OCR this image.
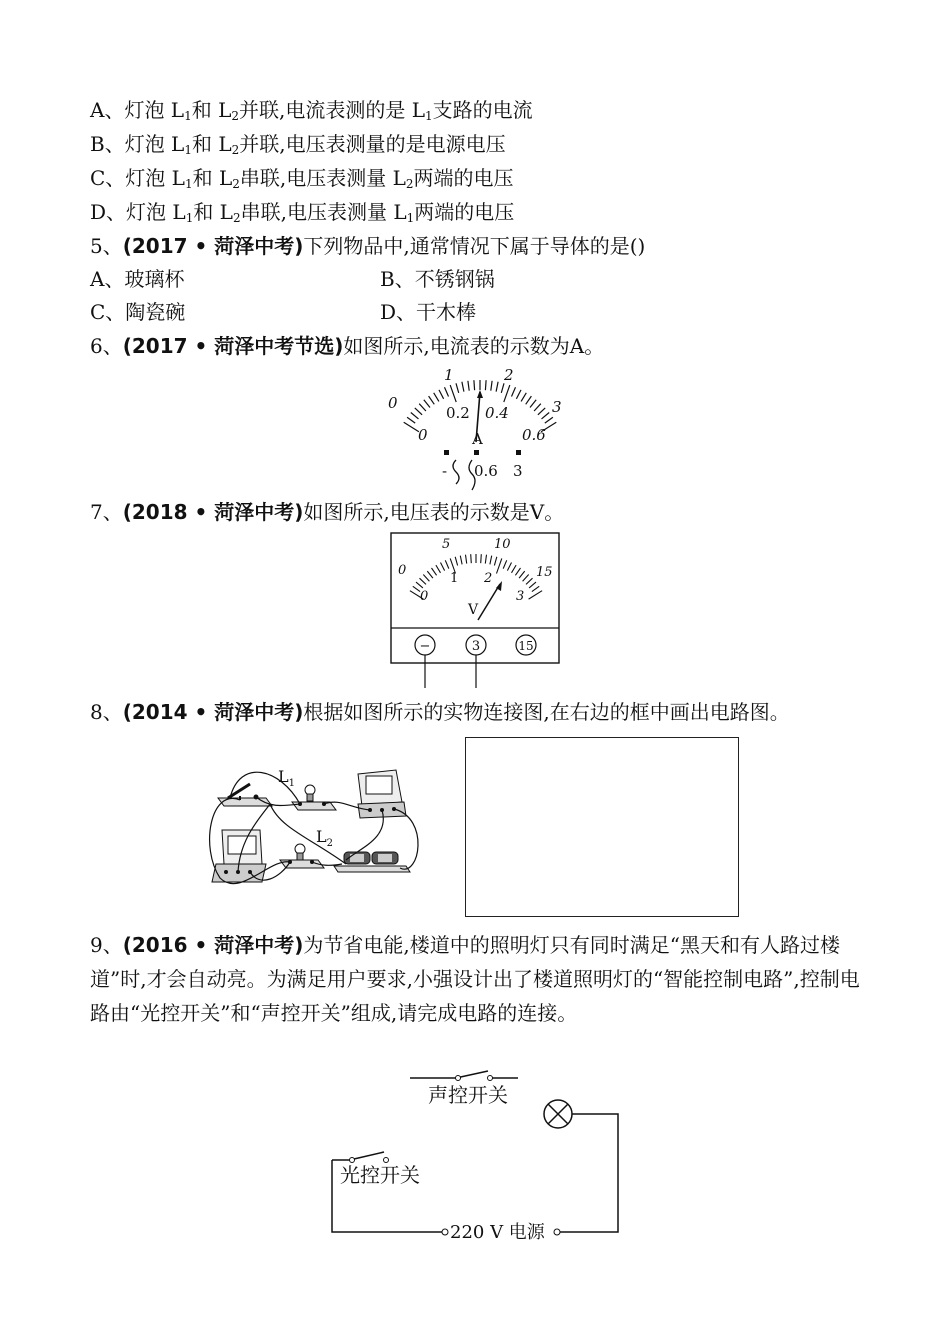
A、灯泡 $L_1$和 $L_2$并联,电流表测的是 $L_1$支路的电流
B、灯泡 $L_1$和 $L_2$并联,电压表测量的是电源电压
C、灯泡 $L_1$和 $L_2$串联,电压表测量 $L_2$两端的电压
D、灯泡 $L_1$和 $L_2$串联,电压表测量 $L_1$两端的电压
5、(2017 • 菏泽中考)下列物品中,通常情况下属于导体的是()
A、玻璃杯	B、不锈钢锅
C、陶瓷碗	D、干木棒
6、(2017 • 菏泽中考节选)如图所示,电流表的示数为A。
0
1	2
3
0
0.2 0.4
0.6
A
- 0.6 3
7、(2018 • 菏泽中考)如图所示,电压表的示数是V。
0
5	10
15
0
1 2
3
V
−	3	15
8、(2014 • 菏泽中考)根据如图所示的实物连接图,在右边的框中画出电路图。
$L_1$
$L_2$
9、(2016 • 菏泽中考)为节省电能,楼道中的照明灯只有同时满足“黑天和有人路过楼道”时,才会自动亮。为满足用户要求,小强设计出了楼道照明灯的“智能控制电路”,控制电路由“光控开关”和“声控开关”组成,请完成电路的连接。
声控开关
光控开关
220 V 电源
